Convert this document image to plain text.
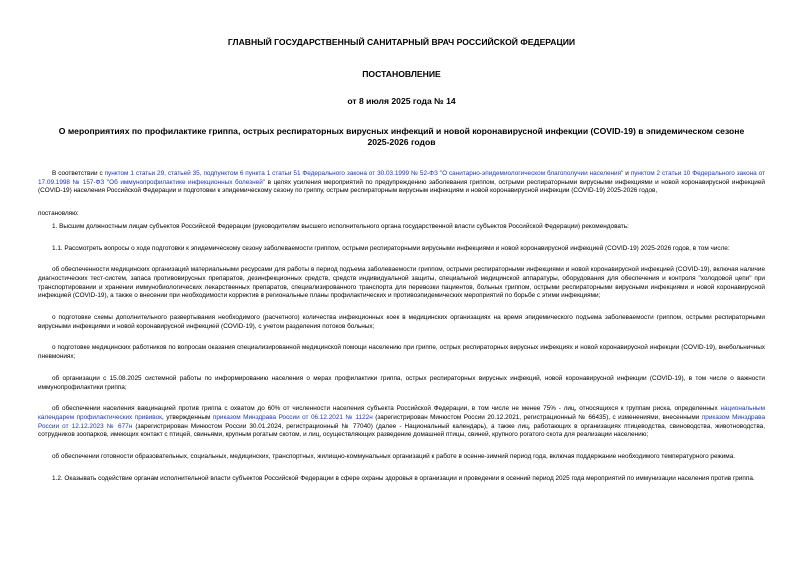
ГЛАВНЫЙ ГОСУДАРСТВЕННЫЙ САНИТАРНЫЙ ВРАЧ РОССИЙСКОЙ ФЕДЕРАЦИИ

ПОСТАНОВЛЕНИЕ

от 8 июля 2025 года № 14

О мероприятиях по профилактике гриппа, острых респираторных вирусных инфекций и новой коронавирусной инфекции (COVID-19) в эпидемическом сезоне 2025-2026 годов

В соответствии с пунктом 1 статьи 29, статьей 35, подпунктом 6 пункта 1 статьи 51 Федерального закона от 30.03.1999 № 52-ФЗ "О санитарно-эпидемиологическом благополучии населения" и пунктом 2 статьи 10 Федерального закона от 17.09.1998 № 157-ФЗ "Об иммунопрофилактике инфекционных болезней" в целях усиления мероприятий по предупреждению заболевания гриппом, острыми респираторными вирусными инфекциями и новой коронавирусной инфекцией (COVID-19) населения Российской Федерации и подготовки к эпидемическому сезону по гриппу, острым респираторным вирусным инфекциям и новой коронавирусной инфекции (COVID-19) 2025-2026 годов,

постановляю:

1. Высшим должностным лицам субъектов Российской Федерации (руководителям высшего исполнительного органа государственной власти субъектов Российской Федерации) рекомендовать:

1.1. Рассмотреть вопросы о ходе подготовки к эпидемическому сезону заболеваемости гриппом, острыми респираторными вирусными инфекциями и новой коронавирусной инфекцией (COVID-19) 2025-2026 годов, в том числе:

об обеспеченности медицинских организаций материальными ресурсами для работы в период подъема заболеваемости гриппом, острыми респираторными инфекциями и новой коронавирусной инфекцией (COVID-19), включая наличие диагностических тест-систем, запаса противовирусных препаратов, дезинфекционных средств, средств индивидуальной защиты, специальной медицинской аппаратуры, оборудования для обеспечения и контроля "холодовой цепи" при транспортировании и хранении иммунобиологических лекарственных препаратов, специализированного транспорта для перевозки пациентов, больных гриппом, острыми респираторными вирусными инфекциями и новой коронавирусной инфекцией (COVID-19), а также о внесении при необходимости корректив в региональные планы профилактических и противоэпидемических мероприятий по борьбе с этими инфекциями;

о подготовке схемы дополнительного развертывания необходимого (расчетного) количества инфекционных коек в медицинских организациях на время эпидемического подъема заболеваемости гриппом, острыми респираторными вирусными инфекциями и новой коронавирусной инфекцией (COVID-19), с учетом разделения потоков больных;

о подготовке медицинских работников по вопросам оказания специализированной медицинской помощи населению при гриппе, острых респираторных вирусных инфекциях и новой коронавирусной инфекции (COVID-19), внебольничных пневмониях;

об организации с 15.08.2025 системной работы по информированию населения о мерах профилактики гриппа, острых респираторных вирусных инфекций, новой коронавирусной инфекции (COVID-19), в том числе о важности иммунопрофилактики гриппа;

об обеспечении населения вакцинацией против гриппа с охватом до 60% от численности населения субъекта Российской Федерации, в том числе не менее 75% - лиц, относящихся к группам риска, определенных национальным календарем профилактических прививок, утвержденным приказом Минздрава России от 06.12.2021 № 1122н (зарегистрирован Минюстом России 20.12.2021, регистрационный № 66435), с изменениями, внесенными приказом Минздрава России от 12.12.2023 № 677н (зарегистрирован Минюстом России 30.01.2024, регистрационный № 77040) (далее - Национальный календарь), а также лиц, работающих в организациях птицеводства, свиноводства, животноводства, сотрудников зоопарков, имеющих контакт с птицей, свиньями, крупным рогатым скотом, и лиц, осуществляющих разведение домашней птицы, свиней, крупного рогатого скота для реализации населению;

об обеспечении готовности образовательных, социальных, медицинских, транспортных, жилищно-коммунальных организаций к работе в осенне-зимний период года, включая поддержание необходимого температурного режима.

1.2. Оказывать содействие органам исполнительной власти субъектов Российской Федерации в сфере охраны здоровья в организации и проведении в осенний период 2025 года мероприятий по иммунизации населения против гриппа.
